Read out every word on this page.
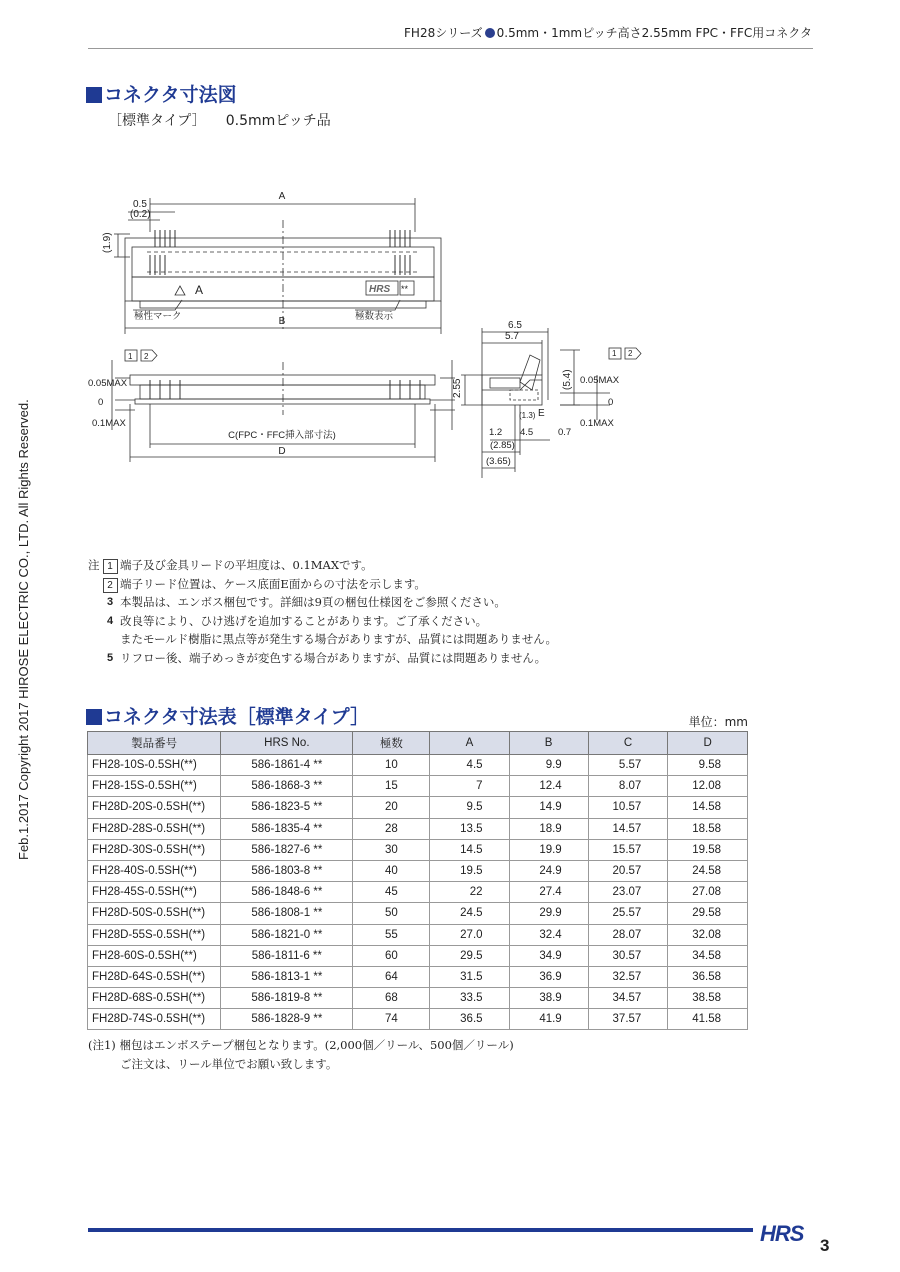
FH28シリーズ 0.5mm・1mmピッチ高さ2.55mm FPC・FFC用コネクタ
Feb.1.2017 Copyright 2017 HIROSE ELECTRIC CO., LTD. All Rights Reserved.
コネクタ寸法図
［標準タイプ］ 0.5mmピッチ品
A
0.5
(0.2)
(1.9)
A	HRS **
極性マーク	極数表示
B
1 2
0.05MAX
0
0.1MAX
C(FPC・FFC挿入部寸法)
D
6.5
5.7
2.55	(5.4)
1 2
0.05MAX
0
0.1MAX
(1.3) E
1.2 4.5	0.7
(2.85)
(3.65)
注 1 端子及び金具リードの平坦度は、0.1MAXです。
2 端子リード位置は、ケース底面E面からの寸法を示します。
3 本製品は、エンボス梱包です。詳細は9頁の梱包仕様図をご参照ください。
4 改良等により、ひけ逃げを追加することがあります。ご了承ください。
またモールド樹脂に黒点等が発生する場合がありますが、品質には問題ありません。
5 リフロー後、端子めっきが変色する場合がありますが、品質には問題ありません。
コネクタ寸法表［標準タイプ］	単位：mm
製品番号	HRS No.	極数	A	B	C	D
FH28-10S-0.5SH(**)	586-1861-4 **	10	4.5	9.9	5.57	9.58
FH28-15S-0.5SH(**)	586-1868-3 **	15	7	12.4	8.07	12.08
FH28D-20S-0.5SH(**)	586-1823-5 **	20	9.5	14.9	10.57	14.58
FH28D-28S-0.5SH(**)	586-1835-4 **	28	13.5	18.9	14.57	18.58
FH28D-30S-0.5SH(**)	586-1827-6 **	30	14.5	19.9	15.57	19.58
FH28-40S-0.5SH(**)	586-1803-8 **	40	19.5	24.9	20.57	24.58
FH28-45S-0.5SH(**)	586-1848-6 **	45	22	27.4	23.07	27.08
FH28D-50S-0.5SH(**)	586-1808-1 **	50	24.5	29.9	25.57	29.58
FH28D-55S-0.5SH(**)	586-1821-0 **	55	27.0	32.4	28.07	32.08
FH28-60S-0.5SH(**)	586-1811-6 **	60	29.5	34.9	30.57	34.58
FH28D-64S-0.5SH(**)	586-1813-1 **	64	31.5	36.9	32.57	36.58
FH28D-68S-0.5SH(**)	586-1819-8 **	68	33.5	38.9	34.57	38.58
FH28D-74S-0.5SH(**)	586-1828-9 **	74	36.5	41.9	37.57	41.58
(注1) 梱包はエンボステープ梱包となります。(2,000個／リール、500個／リール)
ご注文は、リール単位でお願い致します。
HRS 3
